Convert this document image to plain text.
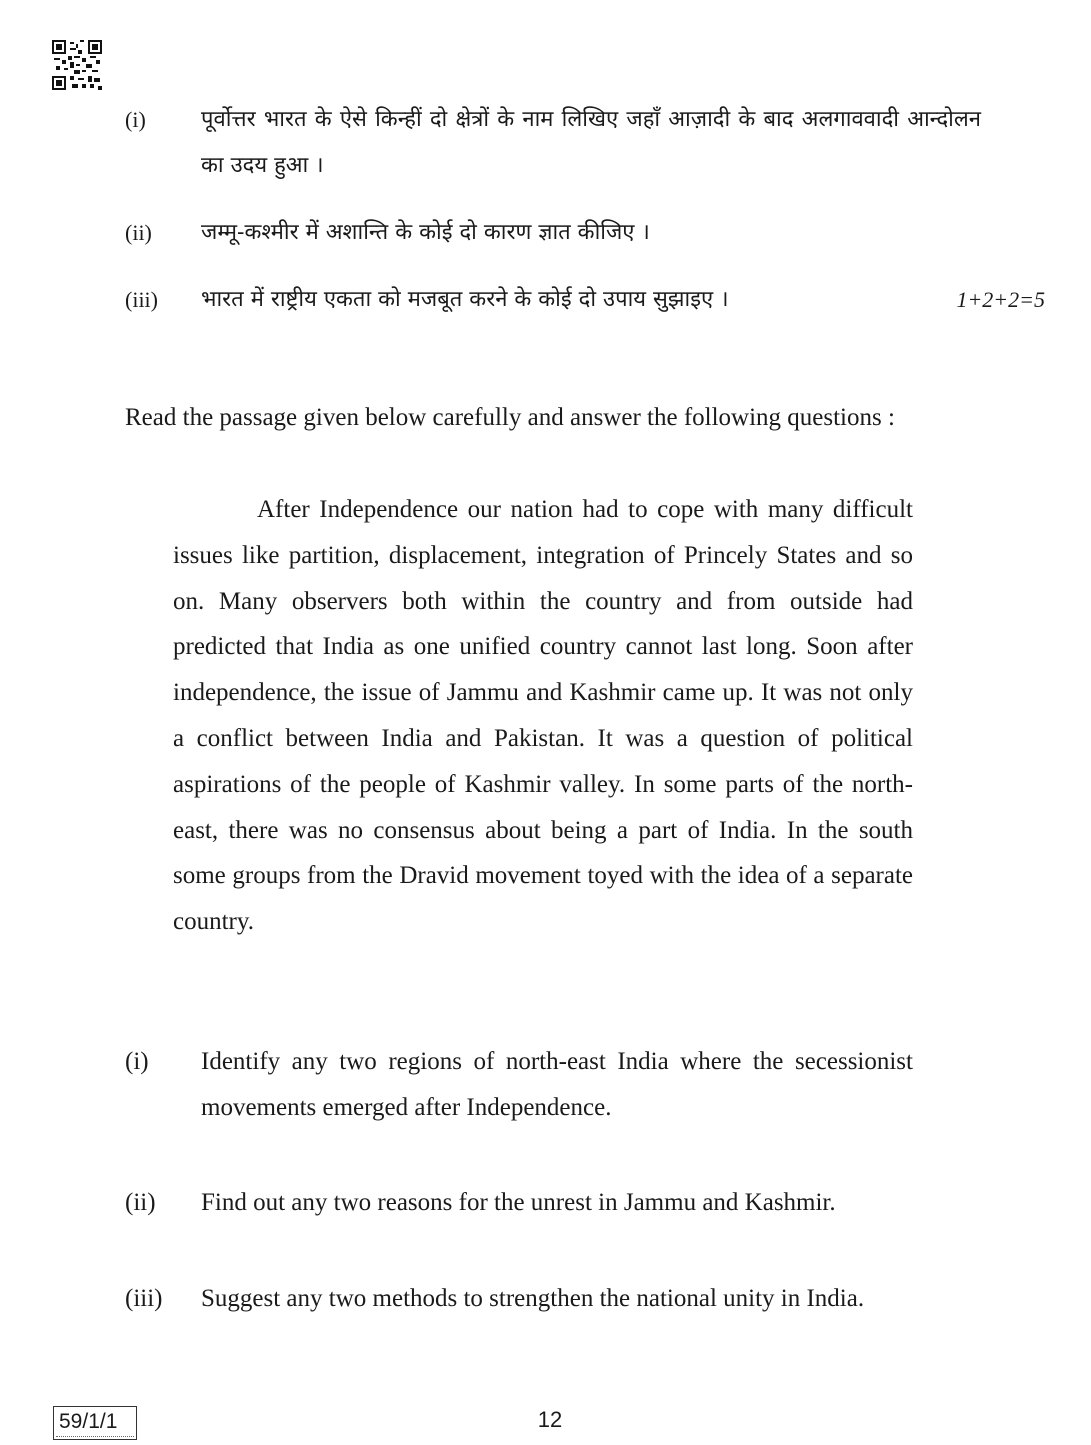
(i)	पूर्वोत्तर भारत के ऐसे किन्हीं दो क्षेत्रों के नाम लिखिए जहाँ आज़ादी के बाद अलगाववादी आन्दोलन का उदय हुआ ।
(ii) जम्मू-कश्मीर में अशान्ति के कोई दो कारण ज्ञात कीजिए ।
(iii) भारत में राष्ट्रीय एकता को मजबूत करने के कोई दो उपाय सुझाइए ।	1+2+2=5
Read the passage given below carefully and answer the following questions :
After Independence our nation had to cope with many difficult issues like partition, displacement, integration of Princely States and so on. Many observers both within the country and from outside had predicted that India as one unified country cannot last long. Soon after independence, the issue of Jammu and Kashmir came up. It was not only a conflict between India and Pakistan. It was a question of political aspirations of the people of Kashmir valley. In some parts of the north-east, there was no consensus about being a part of India. In the south some groups from the Dravid movement toyed with the idea of a separate country.
(i) Identify any two regions of north-east India where the secessionist movements emerged after Independence.
(ii) Find out any two reasons for the unrest in Jammu and Kashmir.
(iii) Suggest any two methods to strengthen the national unity in India.
59/1/1	12
